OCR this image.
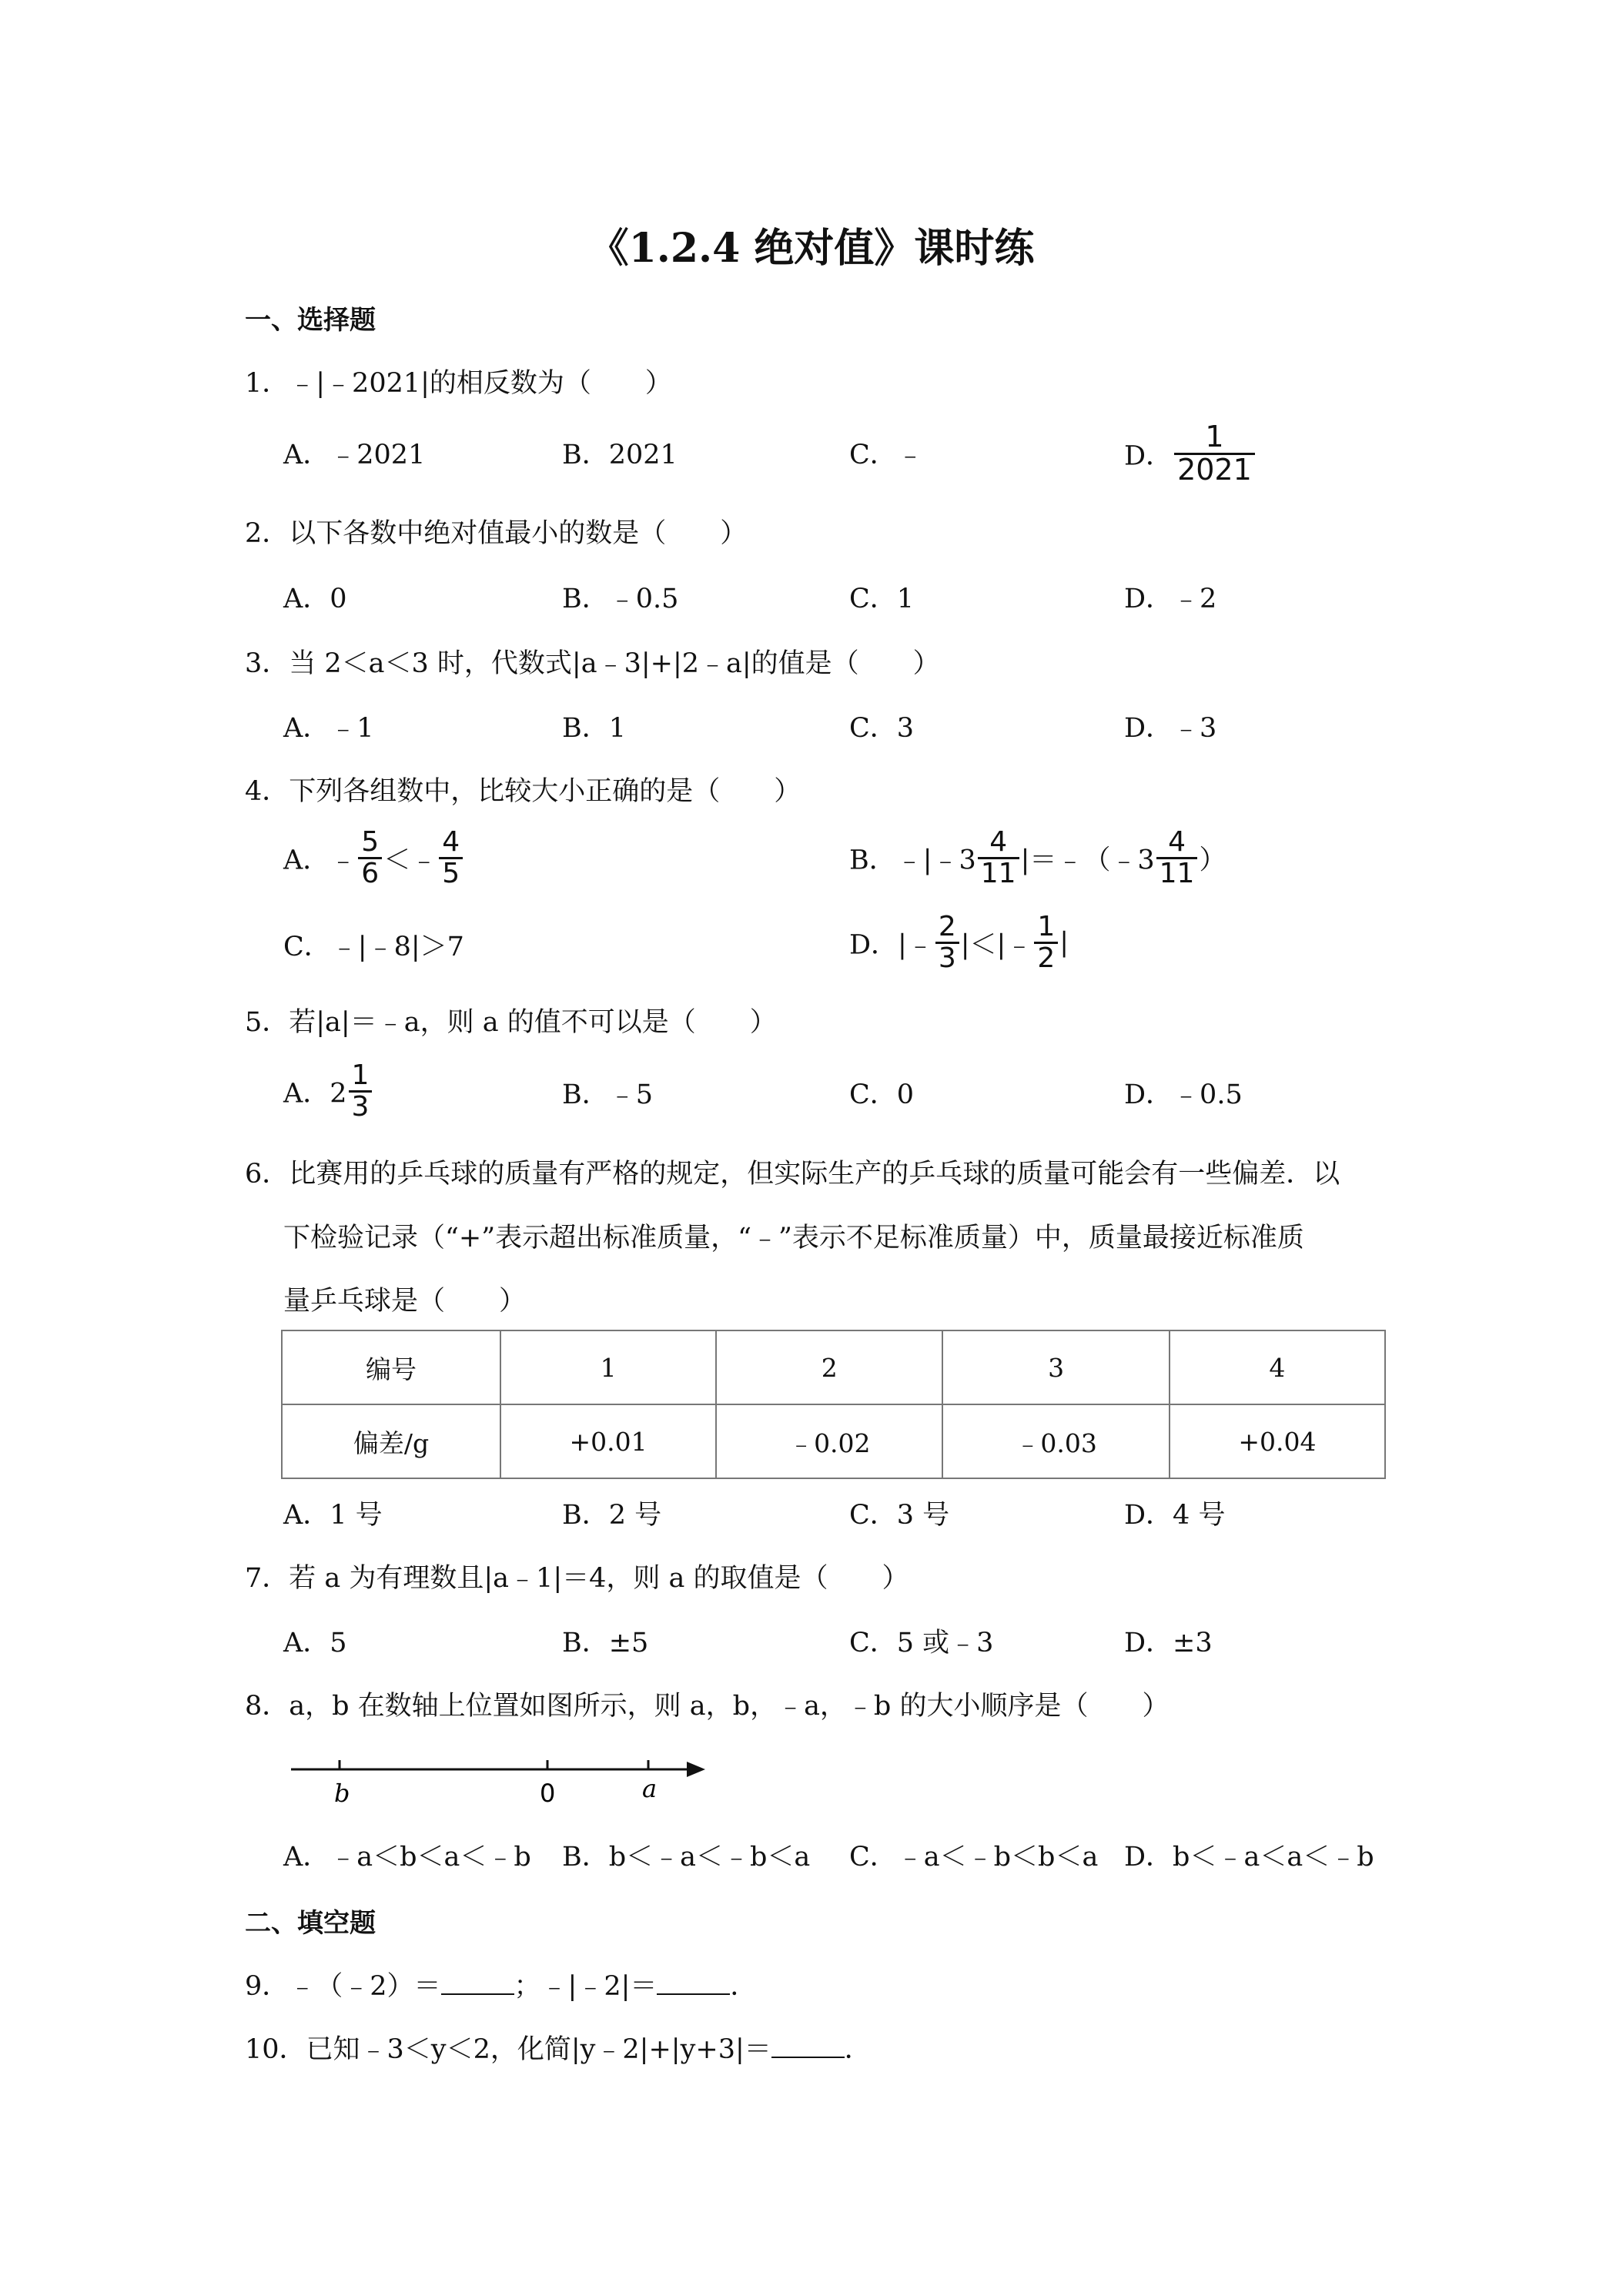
《1.2.4 绝对值》课时练
一、选择题
1．﹣|﹣2021|的相反数为（　　）
A．﹣2021	B．2021	C．﹣	D． $\frac{1}{2021}$
2．以下各数中绝对值最小的数是（　　）
A．0	B．﹣0.5	C．1	D．﹣2
3．当 2＜a＜3 时，代数式|a﹣3|+|2﹣a|的值是（　　）
A．﹣1	B．1	C．3	D．﹣3
4．下列各组数中，比较大小正确的是（　　）
A．﹣ $\frac{5}{6}$ ＜﹣ $\frac{4}{5}$	B．﹣|﹣3 $\frac{4}{11}$ |＝﹣（﹣3 $\frac{4}{11}$ ）
C．﹣|﹣8|＞7	D．|﹣ $\frac{2}{3}$ |＜|﹣ $\frac{1}{2}$ |
5．若|a|＝﹣a，则 a 的值不可以是（　　）
A．$2 \frac{1}{3}$	B．﹣5	C．0	D．﹣0.5
6．比赛用的乒乓球的质量有严格的规定，但实际生产的乒乓球的质量可能会有一些偏差．以
下检验记录（“+”表示超出标准质量，“﹣”表示不足标准质量）中，质量最接近标准质
量乒乓球是（　　）
编号	1	2	3	4
偏差/g	+0.01	﹣0.02	﹣0.03	+0.04
A．1 号	B．2 号	C．3 号	D．4 号
7．若 a 为有理数且|a﹣1|＝4，则 a 的取值是（　　）
A．5	B．±5	C．5 或﹣3	D．±3
8．a，b 在数轴上位置如图所示，则 a，b，﹣a，﹣b 的大小顺序是（　　）
b	0	a
A．﹣a＜b＜a＜﹣b B．b＜﹣a＜﹣b＜a C．﹣a＜﹣b＜b＜a D．b＜﹣a＜a＜﹣b
二、填空题
9．﹣（﹣2）＝	；﹣|﹣2|＝	．
10．已知﹣3＜y＜2，化简|y﹣2|+|y+3|＝	．
